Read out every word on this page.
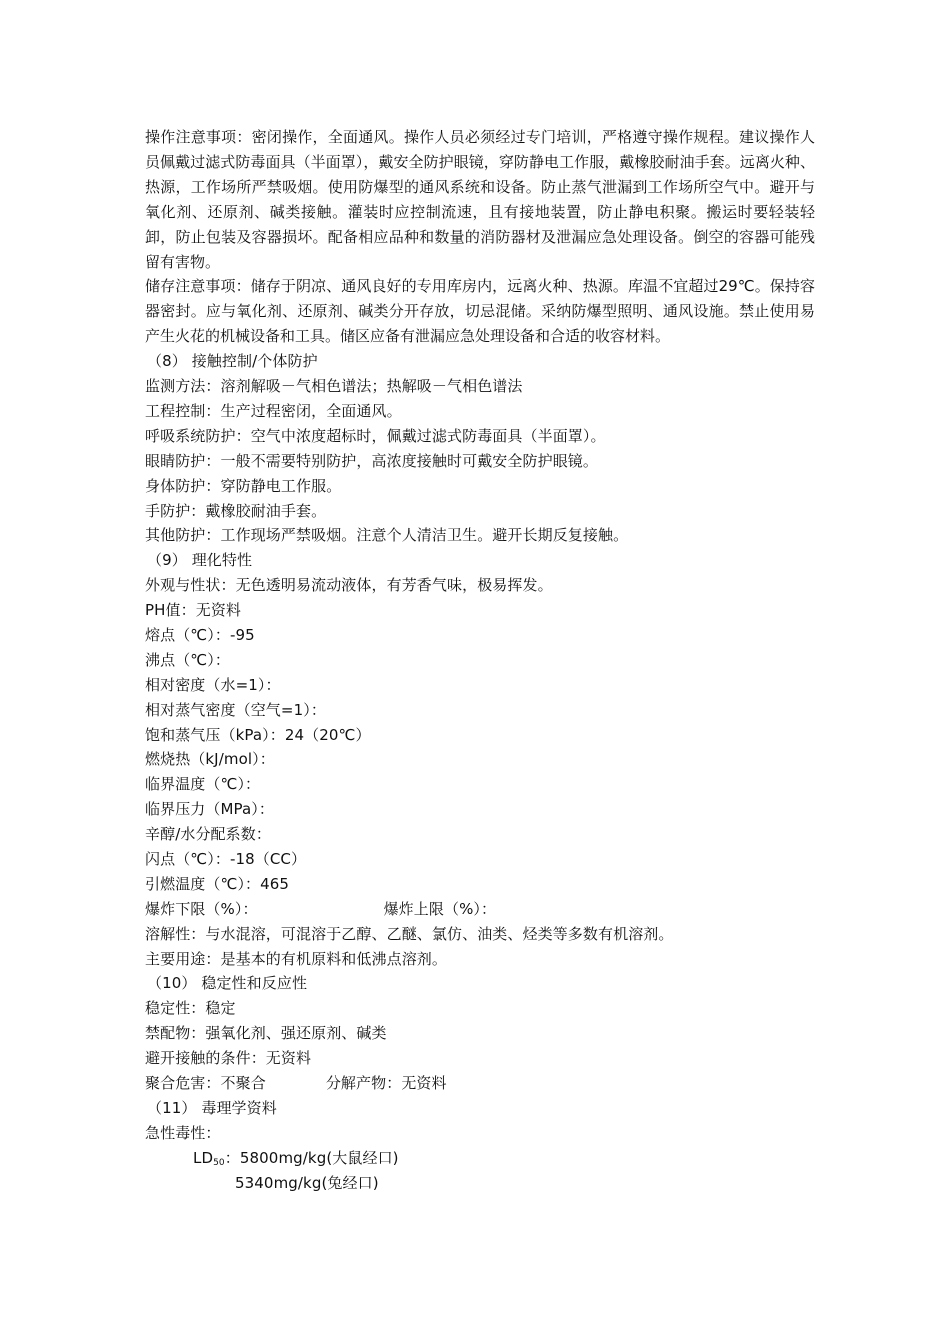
操作注意事项：密闭操作，全面通风。操作人员必须经过专门培训，严格遵守操作规程。建议操作人员佩戴过滤式防毒面具（半面罩），戴安全防护眼镜，穿防静电工作服，戴橡胶耐油手套。远离火种、热源，工作场所严禁吸烟。使用防爆型的通风系统和设备。防止蒸气泄漏到工作场所空气中。避开与氧化剂、还原剂、碱类接触。灌装时应控制流速，且有接地装置，防止静电积聚。搬运时要轻装轻卸，防止包装及容器损坏。配备相应品种和数量的消防器材及泄漏应急处理设备。倒空的容器可能残留有害物。
储存注意事项：储存于阴凉、通风良好的专用库房内，远离火种、热源。库温不宜超过29℃。保持容器密封。应与氧化剂、还原剂、碱类分开存放，切忌混储。采纳防爆型照明、通风设施。禁止使用易产生火花的机械设备和工具。储区应备有泄漏应急处理设备和合适的收容材料。
（8） 接触控制/个体防护
监测方法：溶剂解吸－气相色谱法；热解吸－气相色谱法
工程控制：生产过程密闭，全面通风。
呼吸系统防护：空气中浓度超标时，佩戴过滤式防毒面具（半面罩）。
眼睛防护：一般不需要特别防护，高浓度接触时可戴安全防护眼镜。
身体防护：穿防静电工作服。
手防护：戴橡胶耐油手套。
其他防护：工作现场严禁吸烟。注意个人清洁卫生。避开长期反复接触。
（9） 理化特性
外观与性状：无色透明易流动液体，有芳香气味，极易挥发。
PH值：无资料
熔点（℃）：-95
沸点（℃）：
相对密度（水=1）：
相对蒸气密度（空气=1）：
饱和蒸气压（kPa）：24（20℃）
燃烧热（kJ/mol）：
临界温度（℃）：
临界压力（MPa）：
辛醇/水分配系数：
闪点（℃）：-18（CC）
引燃温度（℃）：465
爆炸下限（%）：	爆炸上限（%）：
溶解性：与水混溶，可混溶于乙醇、乙醚、氯仿、油类、烃类等多数有机溶剂。
主要用途：是基本的有机原料和低沸点溶剂。
（10） 稳定性和反应性
稳定性：稳定
禁配物：强氧化剂、强还原剂、碱类
避开接触的条件：无资料
聚合危害：不聚合	分解产物：无资料
（11） 毒理学资料
急性毒性：
$LD_{50}$：5800mg/kg(大鼠经口)
5340mg/kg(兔经口)
